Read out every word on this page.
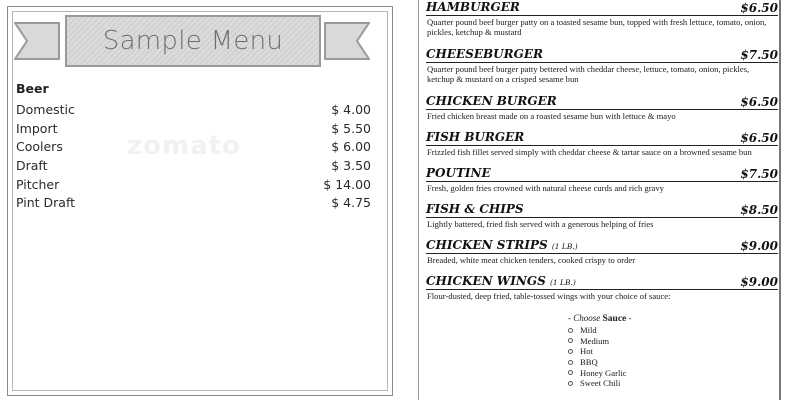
Sample Menu
Beer
zomato
Domestic	$ 4.00
Import	$ 5.50
Coolers	$ 6.00
Draft	$ 3.50
Pitcher	$ 14.00
Pint Draft	$ 4.75
HAMBURGER	$6.50
Quarter pound beef burger patty on a toasted sesame bun, topped with fresh lettuce, tomato, onion, pickles, ketchup & mustard
CHEESEBURGER	$7.50
Quarter pound beef burger patty bettered with cheddar cheese, lettuce, tomato, onion, pickles, ketchup & mustard on a crisped sesame bun
CHICKEN BURGER	$6.50
Fried chicken breast made on a roasted sesame bun with lettuce & mayo
FISH BURGER	$6.50
Frizzled fish fillet served simply with cheddar cheese & tartar sauce on a browned sesame bun
POUTINE	$7.50
Fresh, golden fries crowned with natural cheese curds and rich gravy
FISH & CHIPS	$8.50
Lightly battered, fried fish served with a generous helping of fries
CHICKEN STRIPS (1 LB.)	$9.00
Breaded, white meat chicken tenders, cooked crispy to order
CHICKEN WINGS (1 LB.)	$9.00
Flour-dusted, deep fried, table-tossed wings with your choice of sauce:
- Choose Sauce -
Mild
Medium
Hot
BBQ
Honey Garlic
Sweet Chili
